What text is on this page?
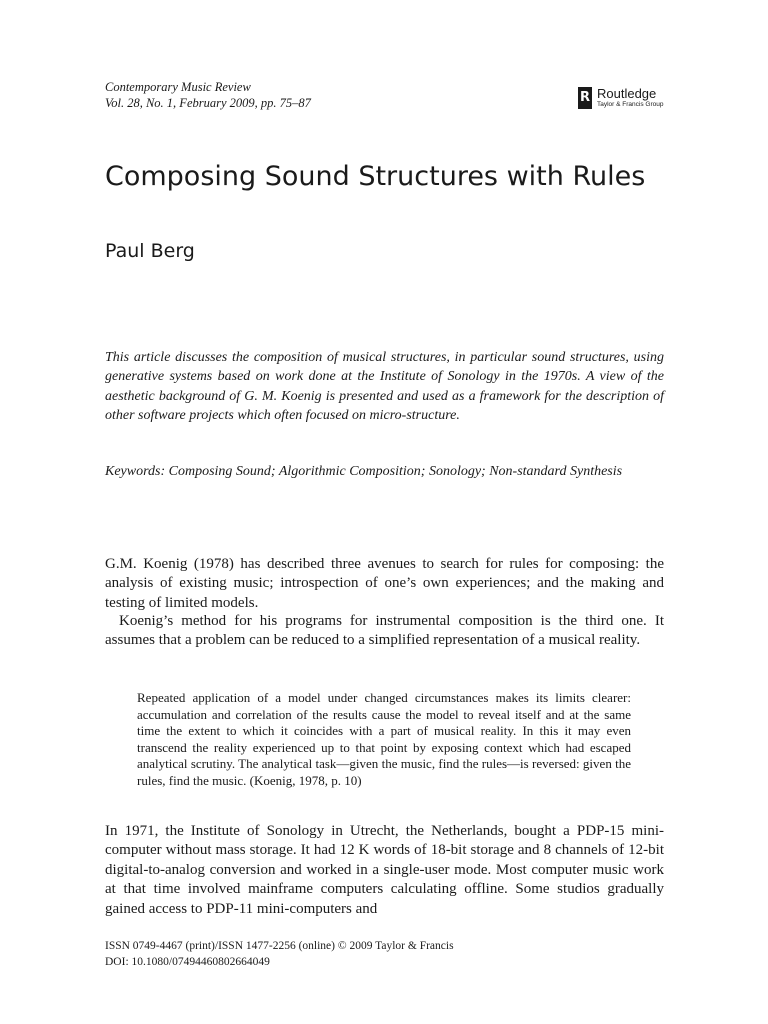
Contemporary Music Review
Vol. 28, No. 1, February 2009, pp. 75–87	R Routledge
Taylor & Francis Group
Composing Sound Structures with Rules
Paul Berg
This article discusses the composition of musical structures, in particular sound structures, using generative systems based on work done at the Institute of Sonology in the 1970s. A view of the aesthetic background of G. M. Koenig is presented and used as a framework for the description of other software projects which often focused on micro-structure.
Keywords: Composing Sound; Algorithmic Composition; Sonology; Non-standard Synthesis
G.M. Koenig (1978) has described three avenues to search for rules for composing: the analysis of existing music; introspection of one’s own experiences; and the making and testing of limited models.
Koenig’s method for his programs for instrumental composition is the third one. It assumes that a problem can be reduced to a simplified representation of a musical reality.
Repeated application of a model under changed circumstances makes its limits clearer: accumulation and correlation of the results cause the model to reveal itself and at the same time the extent to which it coincides with a part of musical reality. In this it may even transcend the reality experienced up to that point by exposing context which had escaped analytical scrutiny. The analytical task—given the music, find the rules—is reversed: given the rules, find the music. (Koenig, 1978, p. 10)
In 1971, the Institute of Sonology in Utrecht, the Netherlands, bought a PDP-15 mini-computer without mass storage. It had 12 K words of 18-bit storage and 8 channels of 12-bit digital-to-analog conversion and worked in a single-user mode. Most computer music work at that time involved mainframe computers calculating offline. Some studios gradually gained access to PDP-11 mini-computers and
ISSN 0749-4467 (print)/ISSN 1477-2256 (online) © 2009 Taylor & Francis
DOI: 10.1080/07494460802664049
